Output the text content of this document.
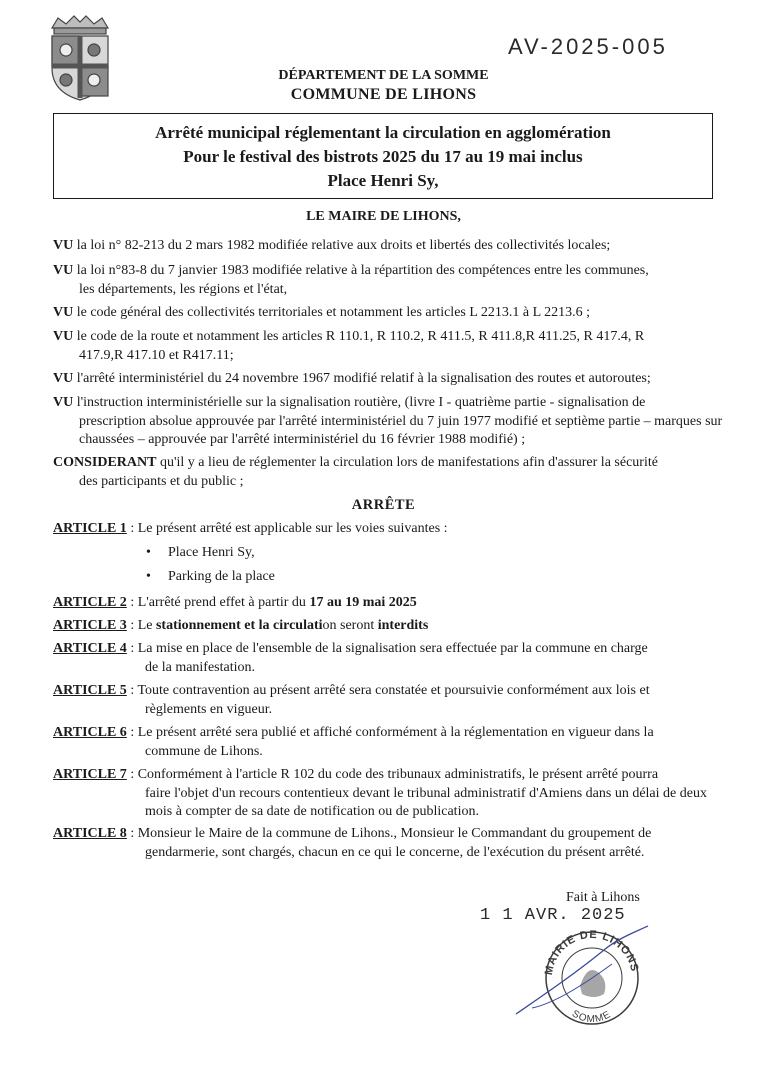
AV-2025-005
DÉPARTEMENT DE LA SOMME
COMMUNE DE LIHONS
Arrêté municipal réglementant la circulation en agglomération
Pour le festival des bistrots 2025 du 17 au 19 mai inclus
Place Henri Sy,
LE MAIRE DE LIHONS,
VU la loi n° 82-213 du 2 mars 1982 modifiée relative aux droits et libertés des collectivités locales;
VU la loi n°83-8 du 7 janvier 1983 modifiée relative à la répartition des compétences entre les communes,
les départements, les régions et l'état,
VU le code général des collectivités territoriales et notamment les articles L 2213.1 à L 2213.6 ;
VU le code de la route et notamment les articles R 110.1, R 110.2, R 411.5, R 411.8,R 411.25, R 417.4, R
417.9,R 417.10 et R417.11;
VU l'arrêté interministériel du 24 novembre 1967 modifié relatif à la signalisation des routes et autoroutes;
VU l'instruction interministérielle sur la signalisation routière, (livre I - quatrième partie - signalisation de
prescription absolue approuvée par l'arrêté interministériel du 7 juin 1977 modifié et septième partie – marques sur chaussées – approuvée par l'arrêté interministériel du 16 février 1988 modifié) ;
CONSIDERANT qu'il y a lieu de réglementer la circulation lors de manifestations afin d'assurer la sécurité
des participants et du public ;
ARRÊTE
ARTICLE 1 : Le présent arrêté est applicable sur les voies suivantes :
• Place Henri Sy,
• Parking de la place
ARTICLE 2 : L'arrêté prend effet à partir du 17 au 19 mai 2025
ARTICLE 3 : Le stationnement et la circulation seront interdits
ARTICLE 4 : La mise en place de l'ensemble de la signalisation sera effectuée par la commune en charge
de la manifestation.
ARTICLE 5 : Toute contravention au présent arrêté sera constatée et poursuivie conformément aux lois et
règlements en vigueur.
ARTICLE 6 : Le présent arrêté sera publié et affiché conformément à la réglementation en vigueur dans la
commune de Lihons.
ARTICLE 7 : Conformément à l'article R 102 du code des tribunaux administratifs, le présent arrêté pourra
faire l'objet d'un recours contentieux devant le tribunal administratif d'Amiens dans un délai de deux mois à compter de sa date de notification ou de publication.
ARTICLE 8 : Monsieur le Maire de la commune de Lihons., Monsieur le Commandant du groupement de
gendarmerie, sont chargés, chacun en ce qui le concerne, de l'exécution du présent arrêté.
Fait à Lihons
1 1 AVR. 2025
MAIRIE DE LIHONS
SOMME
